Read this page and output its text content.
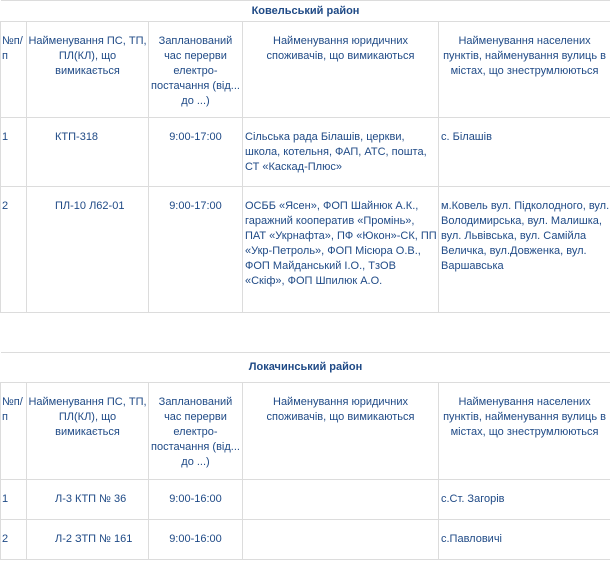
Ковельський район				
№п/п	Найменування ПС, ТП, ПЛ(КЛ), що вимикається	Запланований час перерви електро-постачання (від... до ...)	Найменування юридичних споживачів, що вимикаються	Найменування населених пунктів, найменування вулиць в містах, що знеструмлюються
1	КТП-318	9:00-17:00	Сільська рада Білашів, церкви, школа, котельня, ФАП, АТС, пошта, СТ «Каскад-Плюс»	с. Білашів
2	ПЛ-10 Л62-01	9:00-17:00	ОСББ «Ясен», ФОП Шайнюк А.К., гаражний кооператив «Промінь», ПАТ «Укрнафта», ПФ «Юкон»-СК, ПП «Укр-Петроль», ФОП Місюра О.В., ФОП Майданський І.О., ТзОВ «Скіф», ФОП Шпилюк А.О.	м.Ковель вул. Підколодного, вул. Володимирська, вул. Малишка, вул. Львівська, вул. Самійла Величка, вул.Довженка, вул. Варшавська

Локачинський район				
№п/п	Найменування ПС, ТП, ПЛ(КЛ), що вимикається	Запланований час перерви електро-постачання (від... до ...)	Найменування юридичних споживачів, що вимикаються	Найменування населених пунктів, найменування вулиць в містах, що знеструмлюються
1	Л-3 КТП № 36	9:00-16:00		с.Ст. Загорів
2	Л-2 ЗТП № 161	9:00-16:00		с.Павловичі
